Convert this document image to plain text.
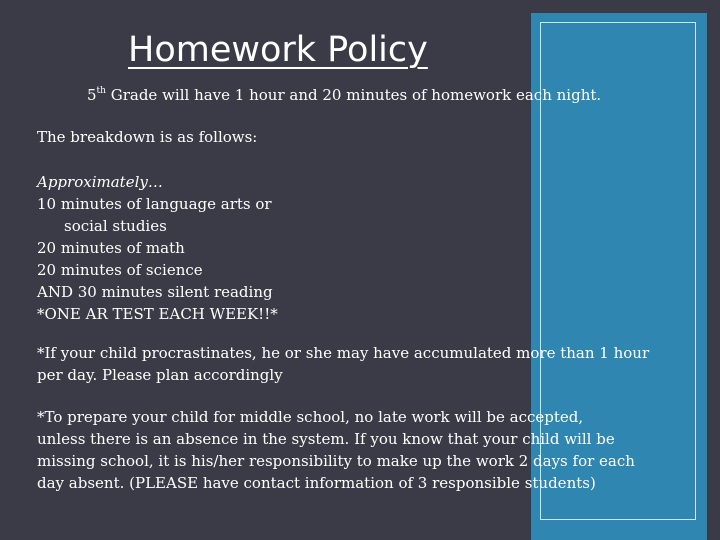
Homework Policy
5th Grade will have 1 hour and 20 minutes of homework each night.
The breakdown is as follows:
Approximately…
10 minutes of language arts or
social studies
20 minutes of math
20 minutes of science
AND 30 minutes silent reading
*ONE AR TEST EACH WEEK!!*
*If your child procrastinates, he or she may have accumulated more than 1 hour
per day. Please plan accordingly
*To prepare your child for middle school, no late work will be accepted,
unless there is an absence in the system. If you know that your child will be
missing school, it is his/her responsibility to make up the work 2 days for each
day absent. (PLEASE have contact information of 3 responsible students)
